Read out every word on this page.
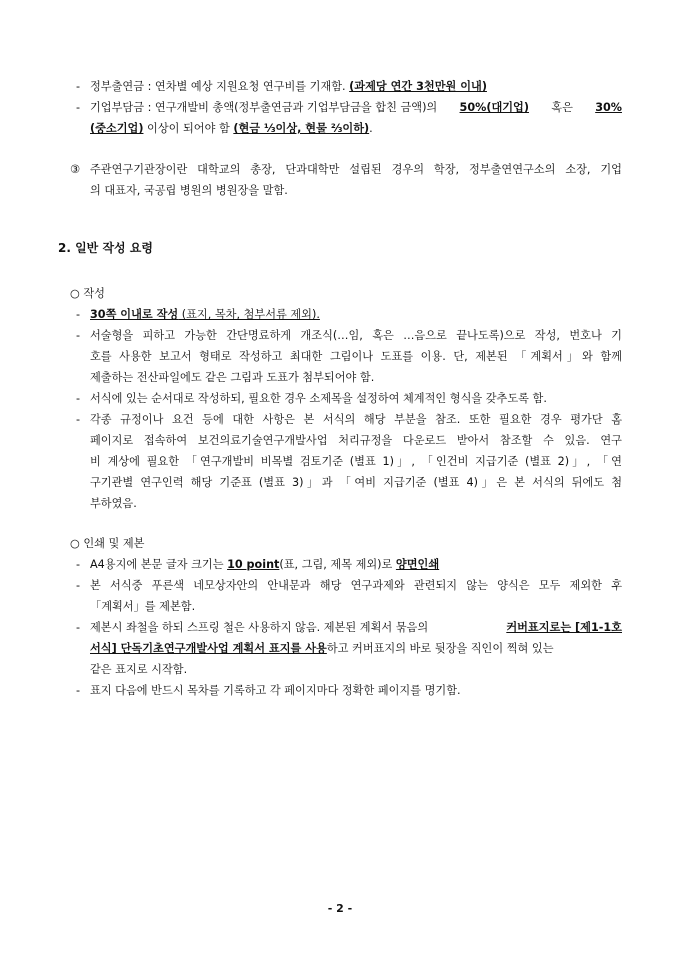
- 정부출연금 : 연차별 예상 지원요청 연구비를 기재함. (과제당 연간 3천만원 이내)
- 기업부담금 : 연구개발비 총액(정부출연금과 기업부담금을 합친 금액)의 50%(대기업) 혹은 30%
(중소기업) 이상이 되어야 함 (현금 ⅓이상, 현물 ⅔이하).
③ 주관연구기관장이란 대학교의 총장, 단과대학만 설립된 경우의 학장, 정부출연연구소의 소장, 기업
의 대표자, 국공립 병원의 병원장을 말함.
2. 일반 작성 요령
○ 작성
- 30쪽 이내로 작성 (표지, 목차, 첨부서류 제외).
- 서술형을 피하고 가능한 간단명료하게 개조식(…임, 혹은 …음으로 끝나도록)으로 작성, 번호나 기
호를 사용한 보고서 형태로 작성하고 최대한 그림이나 도표를 이용. 단, 제본된 「계획서」와 함께
제출하는 전산파일에도 같은 그림과 도표가 첨부되어야 함.
- 서식에 있는 순서대로 작성하되, 필요한 경우 소제목을 설정하여 체계적인 형식을 갖추도록 함.
- 각종 규정이나 요건 등에 대한 사항은 본 서식의 해당 부분을 참조. 또한 필요한 경우 평가단 홈
페이지로 접속하여 보건의료기술연구개발사업 처리규정을 다운로드 받아서 참조할 수 있음. 연구
비 계상에 필요한 「연구개발비 비목별 검토기준 (별표 1)」, 「인건비 지급기준 (별표 2)」, 「연
구기관별 연구인력 해당 기준표 (별표 3)」과 「여비 지급기준 (별표 4)」은 본 서식의 뒤에도 첨
부하였음.
○ 인쇄 및 제본
- A4용지에 본문 글자 크기는 10 point(표, 그림, 제목 제외)로 양면인쇄
- 본 서식중 푸른색 네모상자안의 안내문과 해당 연구과제와 관련되지 않는 양식은 모두 제외한 후
「계획서」를 제본함.
- 제본시 좌철을 하되 스프링 철은 사용하지 않음. 제본된 계획서 묶음의	커버표지로는 [제1-1호
서식] 단독기초연구개발사업 계획서 표지를 사용하고 커버표지의 바로 뒷장을 직인이 찍혀 있는
같은 표지로 시작함.
- 표지 다음에 반드시 목차를 기록하고 각 페이지마다 정확한 페이지를 명기함.
- 2 -
